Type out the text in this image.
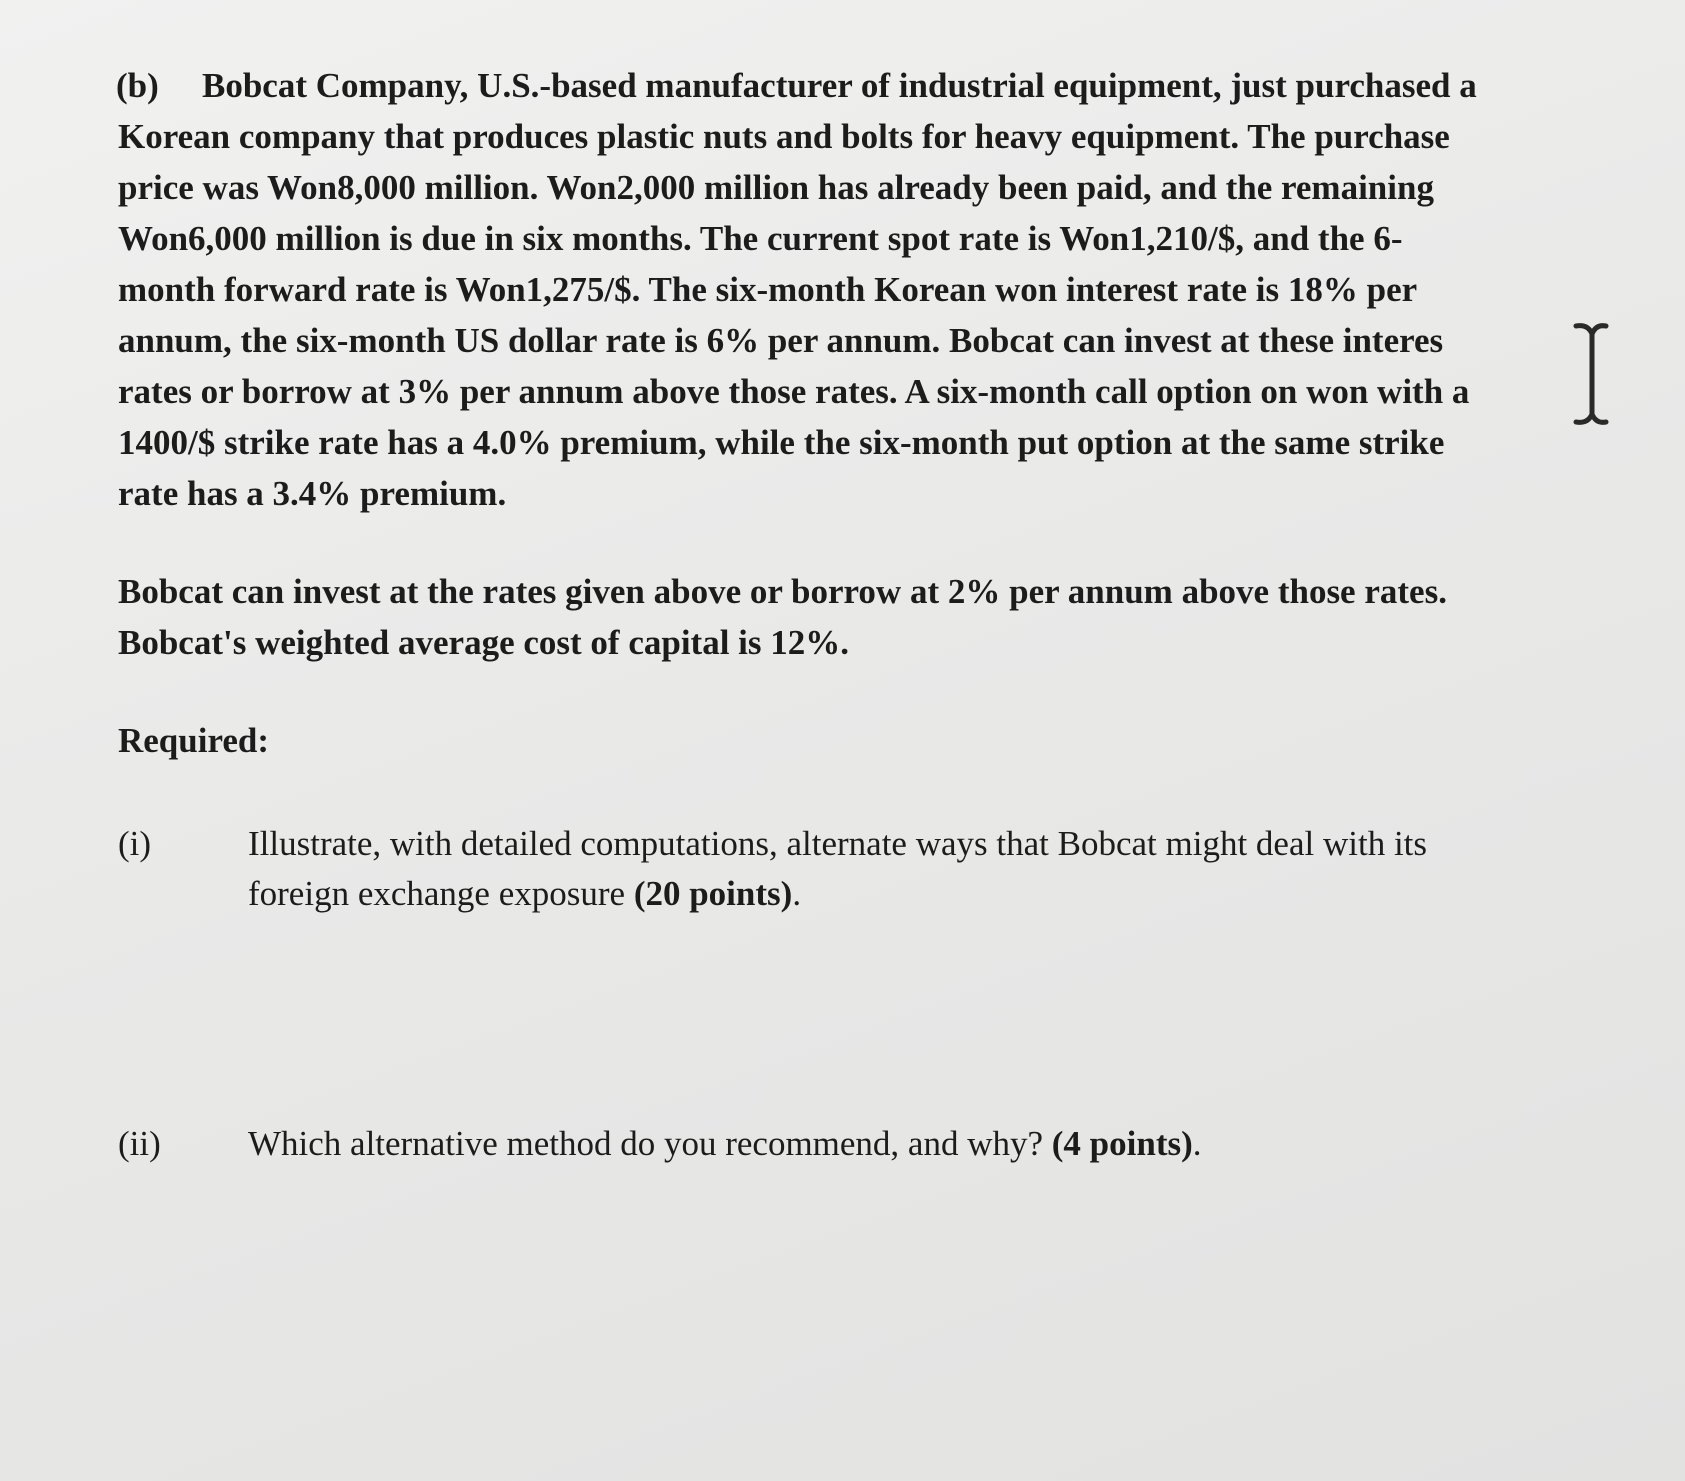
(b) Bobcat Company, U.S.-based manufacturer of industrial equipment, just purchased a
Korean company that produces plastic nuts and bolts for heavy equipment. The purchase
price was Won8,000 million. Won2,000 million has already been paid, and the remaining
Won6,000 million is due in six months. The current spot rate is Won1,210/$, and the 6-
month forward rate is Won1,275/$. The six-month Korean won interest rate is 18% per
annum, the six-month US dollar rate is 6% per annum. Bobcat can invest at these interes
rates or borrow at 3% per annum above those rates. A six-month call option on won with a
1400/$ strike rate has a 4.0% premium, while the six-month put option at the same strike
rate has a 3.4% premium.

Bobcat can invest at the rates given above or borrow at 2% per annum above those rates.
Bobcat's weighted average cost of capital is 12%.

Required:

(i)	Illustrate, with detailed computations, alternate ways that Bobcat might deal with its
foreign exchange exposure (20 points).
(ii) Which alternative method do you recommend, and why? (4 points).
